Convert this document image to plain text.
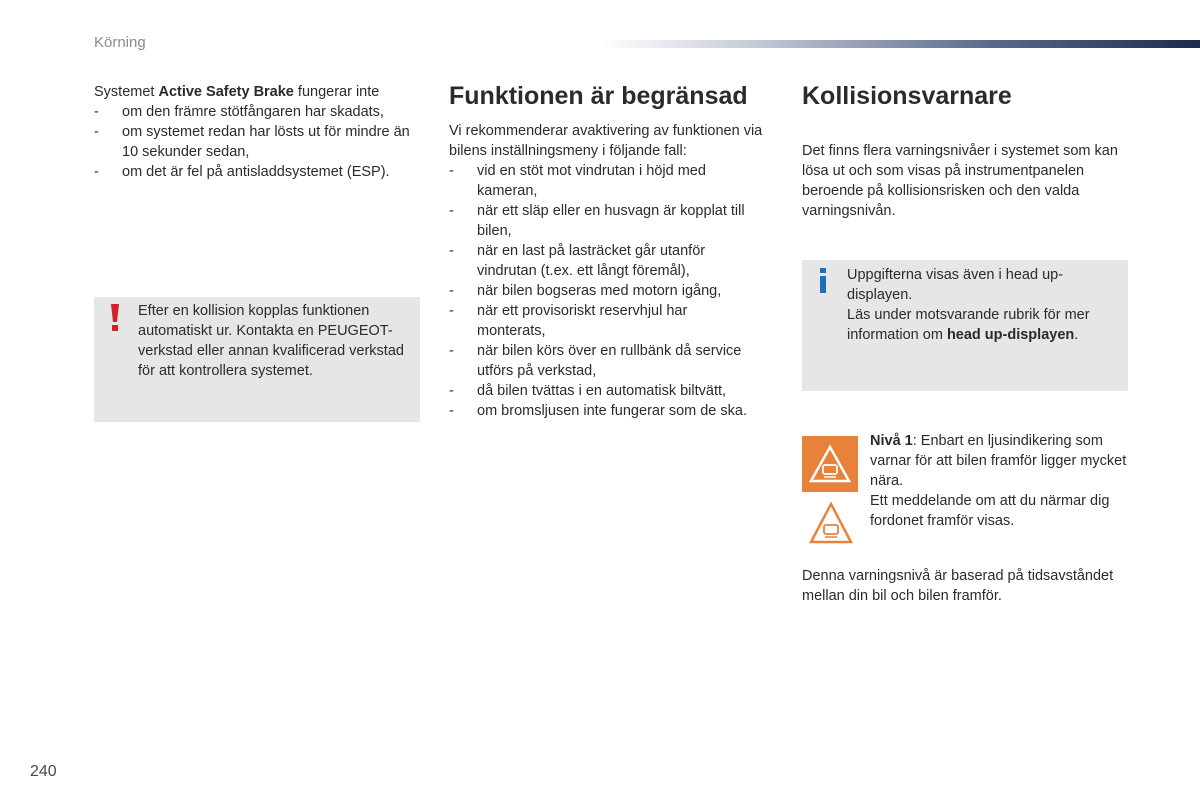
Körning

Systemet Active Safety Brake fungerar inte

- om den främre stötfångaren har skadats,
- om systemet redan har lösts ut för mindre än 10 sekunder sedan,
- om det är fel på antisladdsystemet (ESP).

Efter en kollision kopplas funktionen automatiskt ur. Kontakta en PEUGEOT-verkstad eller annan kvalificerad verkstad för att kontrollera systemet.

Funktionen är begränsad

Vi rekommenderar avaktivering av funktionen via bilens inställningsmeny i följande fall:

- vid en stöt mot vindrutan i höjd med kameran,
- när ett släp eller en husvagn är kopplat till bilen,
- när en last på lasträcket går utanför vindrutan (t.ex. ett långt föremål),
- när bilen bogseras med motorn igång,
- när ett provisoriskt reservhjul har monterats,
- när bilen körs över en rullbänk då service utförs på verkstad,
- då bilen tvättas i en automatisk biltvätt,
- om bromsljusen inte fungerar som de ska.
Kollisionsvarnare

Det finns flera varningsnivåer i systemet som kan lösa ut och som visas på instrumentpanelen beroende på kollisionsrisken och den valda varningsnivån.

Uppgifterna visas även i head up-displayen.

Läs under motsvarande rubrik för mer information om head up-displayen.

Nivå 1: Enbart en ljusindikering som varnar för att bilen framför ligger mycket nära.

Ett meddelande om att du närmar dig fordonet framför visas.

Denna varningsnivå är baserad på tidsavståndet mellan din bil och bilen framför.

240
